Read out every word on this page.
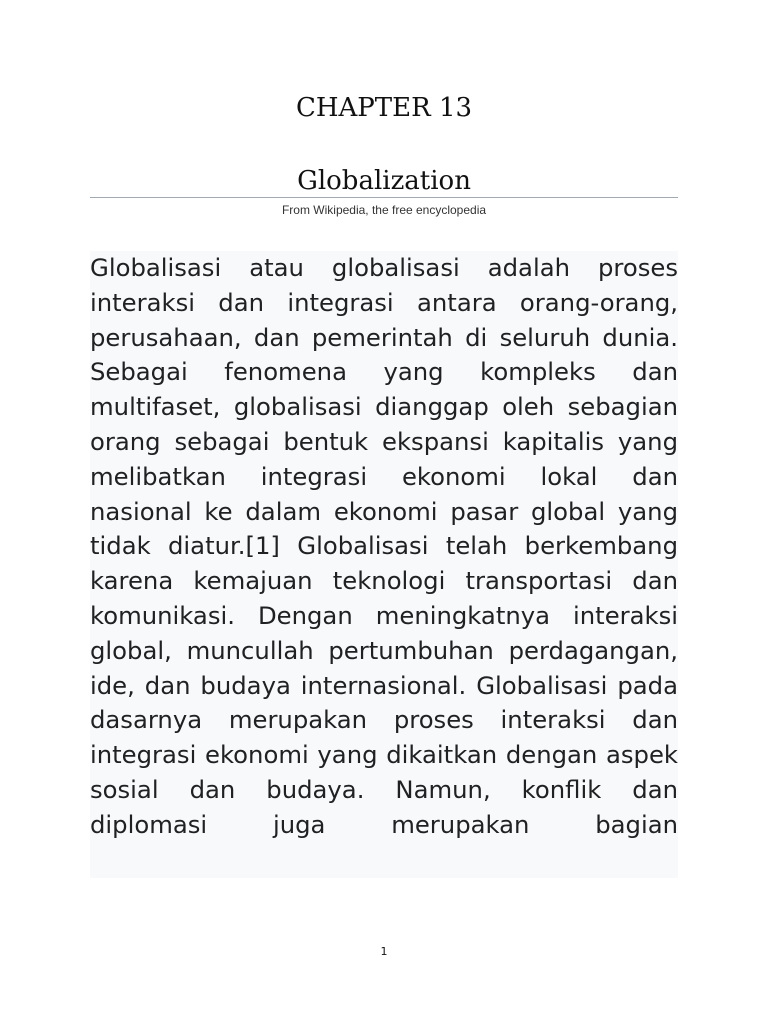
CHAPTER 13
Globalization
From Wikipedia, the free encyclopedia

Globalisasi atau globalisasi adalah proses interaksi dan integrasi antara orang-orang, perusahaan, dan pemerintah di seluruh dunia. Sebagai fenomena yang kompleks dan multifaset, globalisasi dianggap oleh sebagian orang sebagai bentuk ekspansi kapitalis yang melibatkan integrasi ekonomi lokal dan nasional ke dalam ekonomi pasar global yang tidak diatur.[1] Globalisasi telah berkembang karena kemajuan teknologi transportasi dan komunikasi. Dengan meningkatnya interaksi global, muncullah pertumbuhan perdagangan, ide, dan budaya internasional. Globalisasi pada dasarnya merupakan proses interaksi dan integrasi ekonomi yang dikaitkan dengan aspek sosial dan budaya. Namun, konflik dan diplomasi juga merupakan bagian

1
